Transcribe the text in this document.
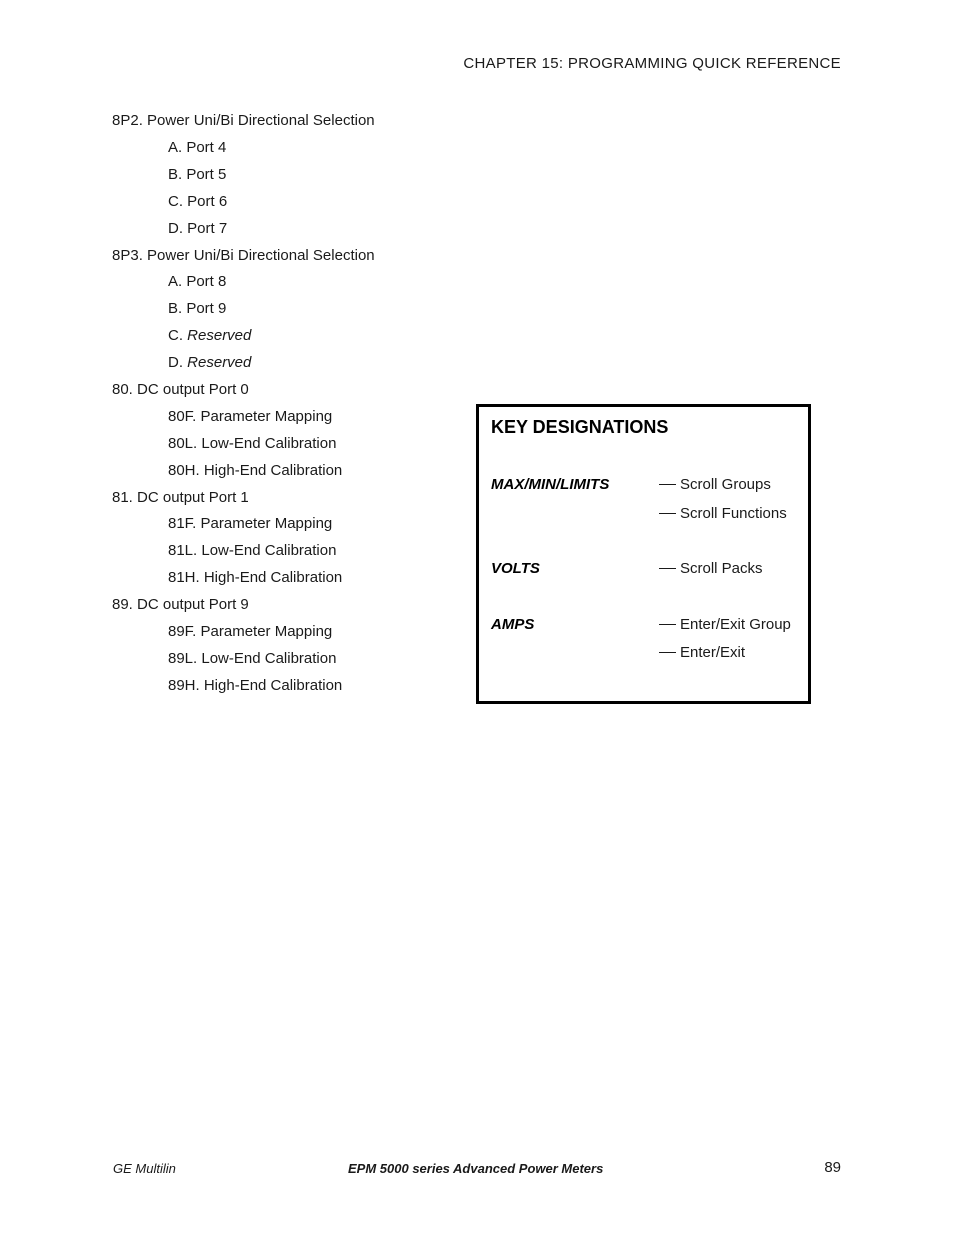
CHAPTER 15: PROGRAMMING QUICK REFERENCE
8P2. Power Uni/Bi Directional Selection
A. Port 4
B. Port 5
C. Port 6
D. Port 7
8P3. Power Uni/Bi Directional Selection
A. Port 8
B. Port 9
C. Reserved
D. Reserved
80. DC output Port 0
80F. Parameter Mapping
80L. Low-End Calibration
80H. High-End Calibration
81. DC output Port 1
81F. Parameter Mapping
81L. Low-End Calibration
81H. High-End Calibration
89. DC output Port 9
89F. Parameter Mapping
89L. Low-End Calibration
89H. High-End Calibration
KEY DESIGNATIONS
MAX/MIN/LIMITS	Scroll Groups
Scroll Functions
VOLTS	Scroll Packs
AMPS	Enter/Exit Group
Enter/Exit
GE Multilin	EPM 5000 series Advanced Power Meters	89
